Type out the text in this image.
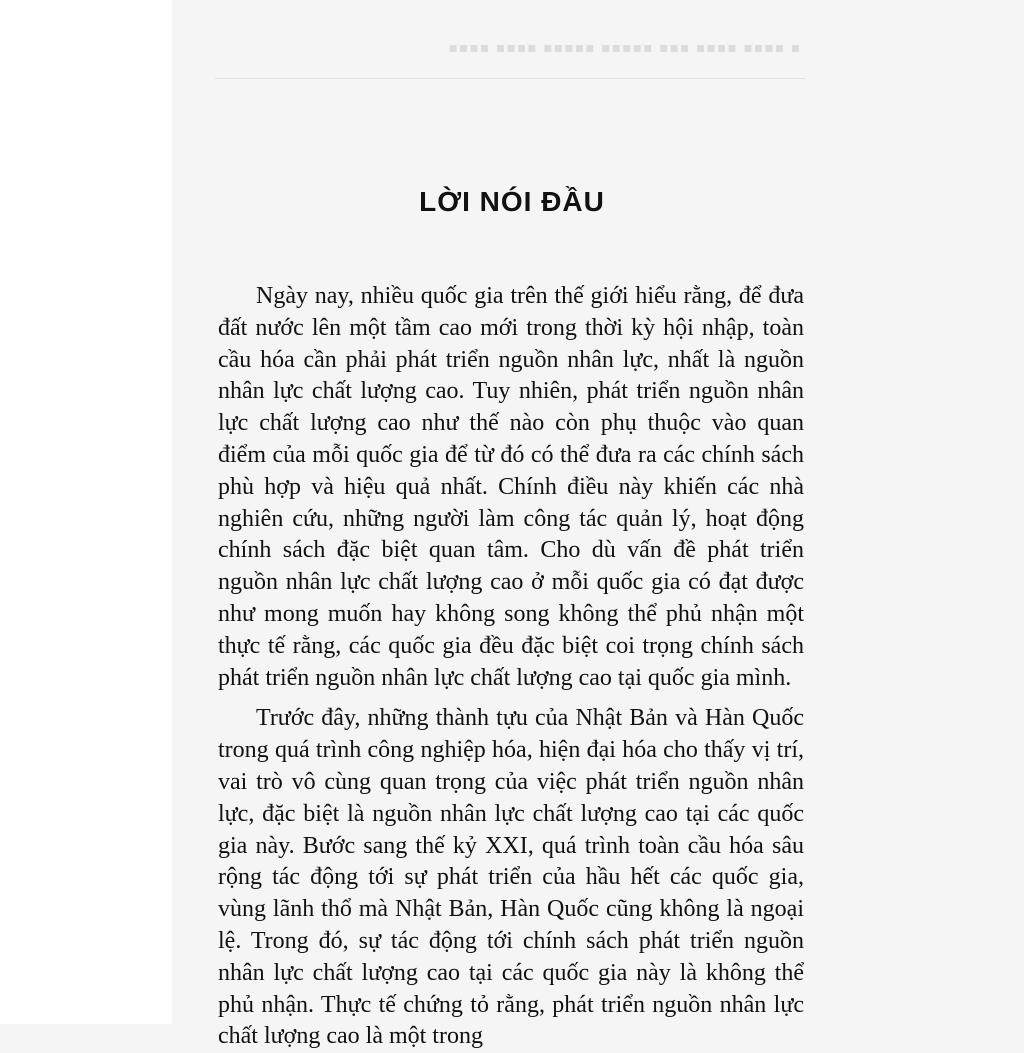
▪ ▪▪▪▪ ▪▪▪▪ ▪▪▪ ▪▪▪▪▪ ▪▪▪▪▪ ▪▪▪▪ ▪▪▪▪
LỜI NÓI ĐẦU

Ngày nay, nhiều quốc gia trên thế giới hiểu rằng, để đưa đất nước lên một tầm cao mới trong thời kỳ hội nhập, toàn cầu hóa cần phải phát triển nguồn nhân lực, nhất là nguồn nhân lực chất lượng cao. Tuy nhiên, phát triển nguồn nhân lực chất lượng cao như thế nào còn phụ thuộc vào quan điểm của mỗi quốc gia để từ đó có thể đưa ra các chính sách phù hợp và hiệu quả nhất. Chính điều này khiến các nhà nghiên cứu, những người làm công tác quản lý, hoạt động chính sách đặc biệt quan tâm. Cho dù vấn đề phát triển nguồn nhân lực chất lượng cao ở mỗi quốc gia có đạt được như mong muốn hay không song không thể phủ nhận một thực tế rằng, các quốc gia đều đặc biệt coi trọng chính sách phát triển nguồn nhân lực chất lượng cao tại quốc gia mình.

Trước đây, những thành tựu của Nhật Bản và Hàn Quốc trong quá trình công nghiệp hóa, hiện đại hóa cho thấy vị trí, vai trò vô cùng quan trọng của việc phát triển nguồn nhân lực, đặc biệt là nguồn nhân lực chất lượng cao tại các quốc gia này. Bước sang thế kỷ XXI, quá trình toàn cầu hóa sâu rộng tác động tới sự phát triển của hầu hết các quốc gia, vùng lãnh thổ mà Nhật Bản, Hàn Quốc cũng không là ngoại lệ. Trong đó, sự tác động tới chính sách phát triển nguồn nhân lực chất lượng cao tại các quốc gia này là không thể phủ nhận. Thực tế chứng tỏ rằng, phát triển nguồn nhân lực chất lượng cao là một trong
